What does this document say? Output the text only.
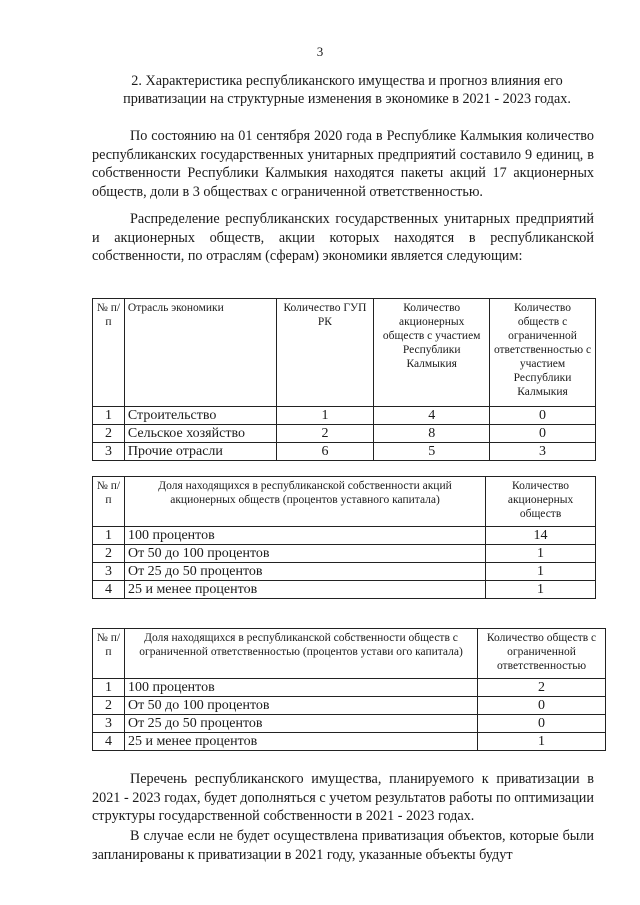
3
2. Характеристика республиканского имущества и прогноз влияния его приватизации на структурные изменения в экономике в 2021 - 2023 годах.
По состоянию на 01 сентября 2020 года в Республике Калмыкия количество республиканских государственных унитарных предприятий составило 9 единиц, в собственности Республики Калмыкия находятся пакеты акций 17 акционерных обществ, доли в 3 обществах с ограниченной ответственностью.
Распределение республиканских государственных унитарных предприятий и акционерных обществ, акции которых находятся в республиканской собственности, по отраслям (сферам) экономики является следующим:
№ п/п	Отрасль экономики	Количество ГУП РК	Количество акционерных обществ с участием Республики Калмыкия	Количество обществ с ограниченной ответственностью с участием Республики Калмыкия
1	Строительство	1	4	0
2	Сельское хозяйство	2	8	0
3	Прочие отрасли	6	5	3
№ п/п	Доля находящихся в республиканской собственности акций акционерных обществ (процентов уставного капитала)	Количество акционерных обществ
1	100 процентов	14
2	От 50 до 100 процентов	1
3	От 25 до 50 процентов	1
4	25 и менее процентов	1
№ п/п	Доля находящихся в республиканской собственности обществ с ограниченной ответственностью (процентов устави ого капитала)	Количество обществ с ограниченной ответственностью
1	100 процентов	2
2	От 50 до 100 процентов	0
3	От 25 до 50 процентов	0
4	25 и менее процентов	1
Перечень республиканского имущества, планируемого к приватизации в 2021 - 2023 годах, будет дополняться с учетом результатов работы по оптимизации структуры государственной собственности в 2021 - 2023 годах.
В случае если не будет осуществлена приватизация объектов, которые были запланированы к приватизации в 2021 году, указанные объекты будут
